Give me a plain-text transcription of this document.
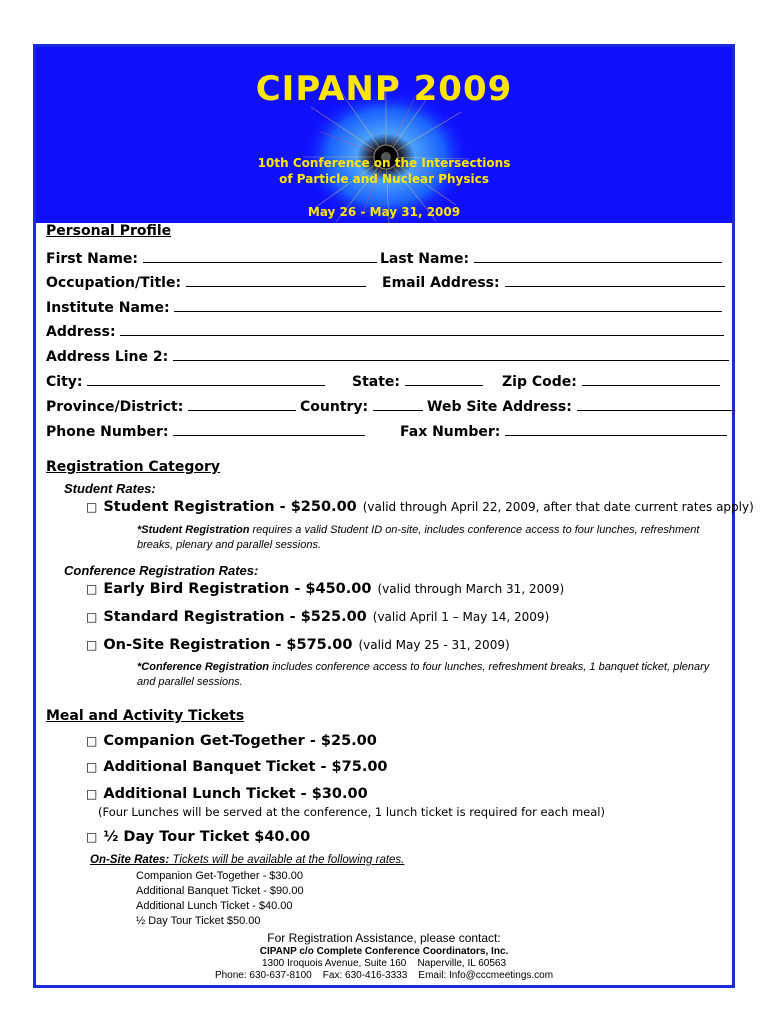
CIPANP 2009
10th Conference on the Intersections
of Particle and Nuclear Physics
May 26 - May 31, 2009
Personal Profile
First Name:	Last Name:
Occupation/Title:	Email Address:
Institute Name:
Address:
Address Line 2:
City:	State:	Zip Code:
Province/District:	Country:	Web Site Address:
Phone Number:	Fax Number:
Registration Category
Student Rates:
□ Student Registration - $250.00 (valid through April 22, 2009, after that date current rates apply)
*Student Registration requires a valid Student ID on-site, includes conference access to four lunches, refreshment breaks, plenary and parallel sessions.
Conference Registration Rates:
□ Early Bird Registration - $450.00 (valid through March 31, 2009)
□ Standard Registration - $525.00 (valid April 1 – May 14, 2009)
□ On-Site Registration - $575.00 (valid May 25 - 31, 2009)
*Conference Registration includes conference access to four lunches, refreshment breaks, 1 banquet ticket, plenary and parallel sessions.
Meal and Activity Tickets
□ Companion Get-Together - $25.00
□ Additional Banquet Ticket - $75.00
□ Additional Lunch Ticket - $30.00
(Four Lunches will be served at the conference, 1 lunch ticket is required for each meal)
□ ½ Day Tour Ticket $40.00
On-Site Rates: Tickets will be available at the following rates.
Companion Get-Together - $30.00
Additional Banquet Ticket - $90.00
Additional Lunch Ticket - $40.00
½ Day Tour Ticket $50.00
For Registration Assistance, please contact:
CIPANP c/o Complete Conference Coordinators, Inc.
1300 Iroquois Avenue, Suite 160    Naperville, IL 60563
Phone: 630-637-8100    Fax: 630-416-3333    Email: Info@cccmeetings.com
